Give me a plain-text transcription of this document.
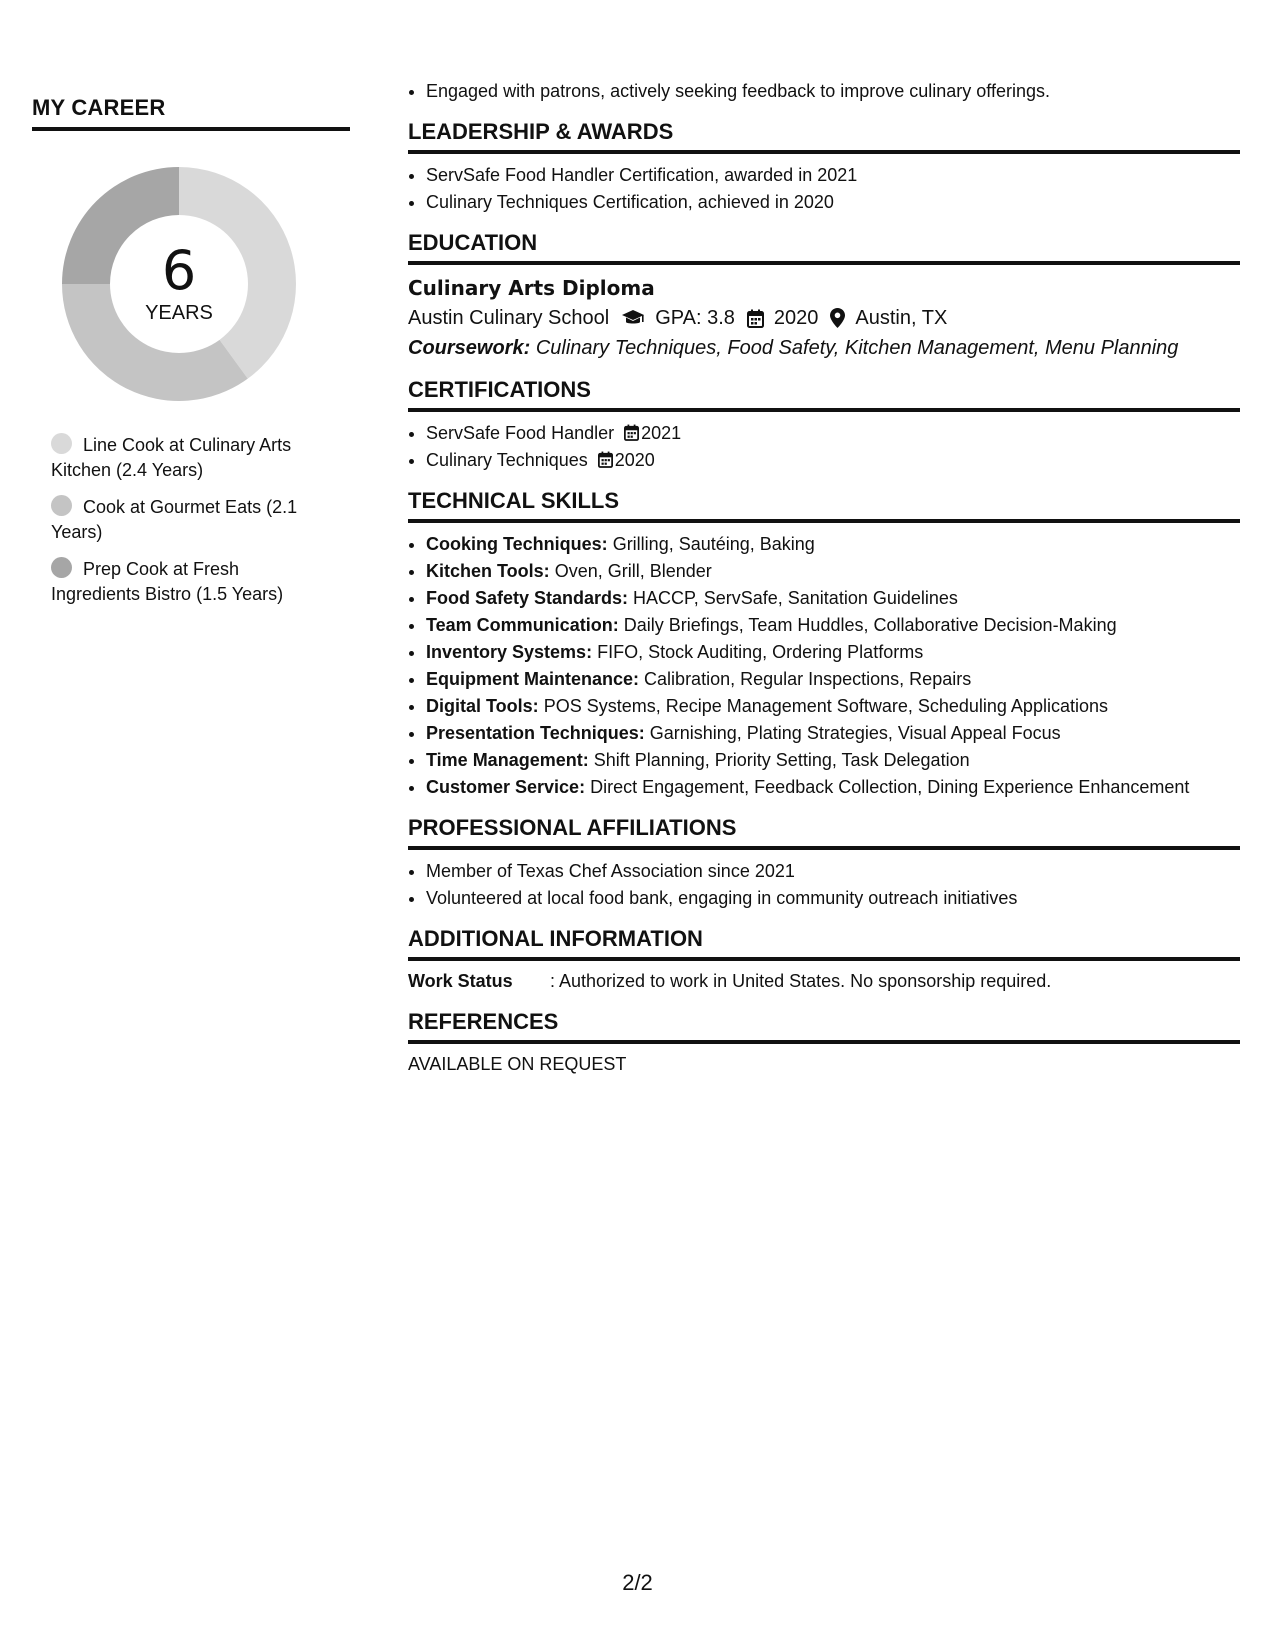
MY CAREER
6
YEARS
Line Cook at Culinary Arts Kitchen (2.4 Years)
Cook at Gourmet Eats (2.1 Years)
Prep Cook at Fresh Ingredients Bistro (1.5 Years)
• Engaged with patrons, actively seeking feedback to improve culinary offerings.
LEADERSHIP & AWARDS
• ServSafe Food Handler Certification, awarded in 2021
• Culinary Techniques Certification, achieved in 2020
EDUCATION
Culinary Arts Diploma
Austin Culinary School GPA: 3.8 2020 Austin, TX
Coursework: Culinary Techniques, Food Safety, Kitchen Management, Menu Planning
CERTIFICATIONS
• ServSafe Food Handler 2021
• Culinary Techniques 2020
TECHNICAL SKILLS
• Cooking Techniques: Grilling, Sautéing, Baking
• Kitchen Tools: Oven, Grill, Blender
• Food Safety Standards: HACCP, ServSafe, Sanitation Guidelines
• Team Communication: Daily Briefings, Team Huddles, Collaborative Decision-Making
• Inventory Systems: FIFO, Stock Auditing, Ordering Platforms
• Equipment Maintenance: Calibration, Regular Inspections, Repairs
• Digital Tools: POS Systems, Recipe Management Software, Scheduling Applications
• Presentation Techniques: Garnishing, Plating Strategies, Visual Appeal Focus
• Time Management: Shift Planning, Priority Setting, Task Delegation
• Customer Service: Direct Engagement, Feedback Collection, Dining Experience Enhancement
PROFESSIONAL AFFILIATIONS
• Member of Texas Chef Association since 2021
• Volunteered at local food bank, engaging in community outreach initiatives
ADDITIONAL INFORMATION
Work Status	: Authorized to work in United States. No sponsorship required.
REFERENCES
AVAILABLE ON REQUEST
2/2
